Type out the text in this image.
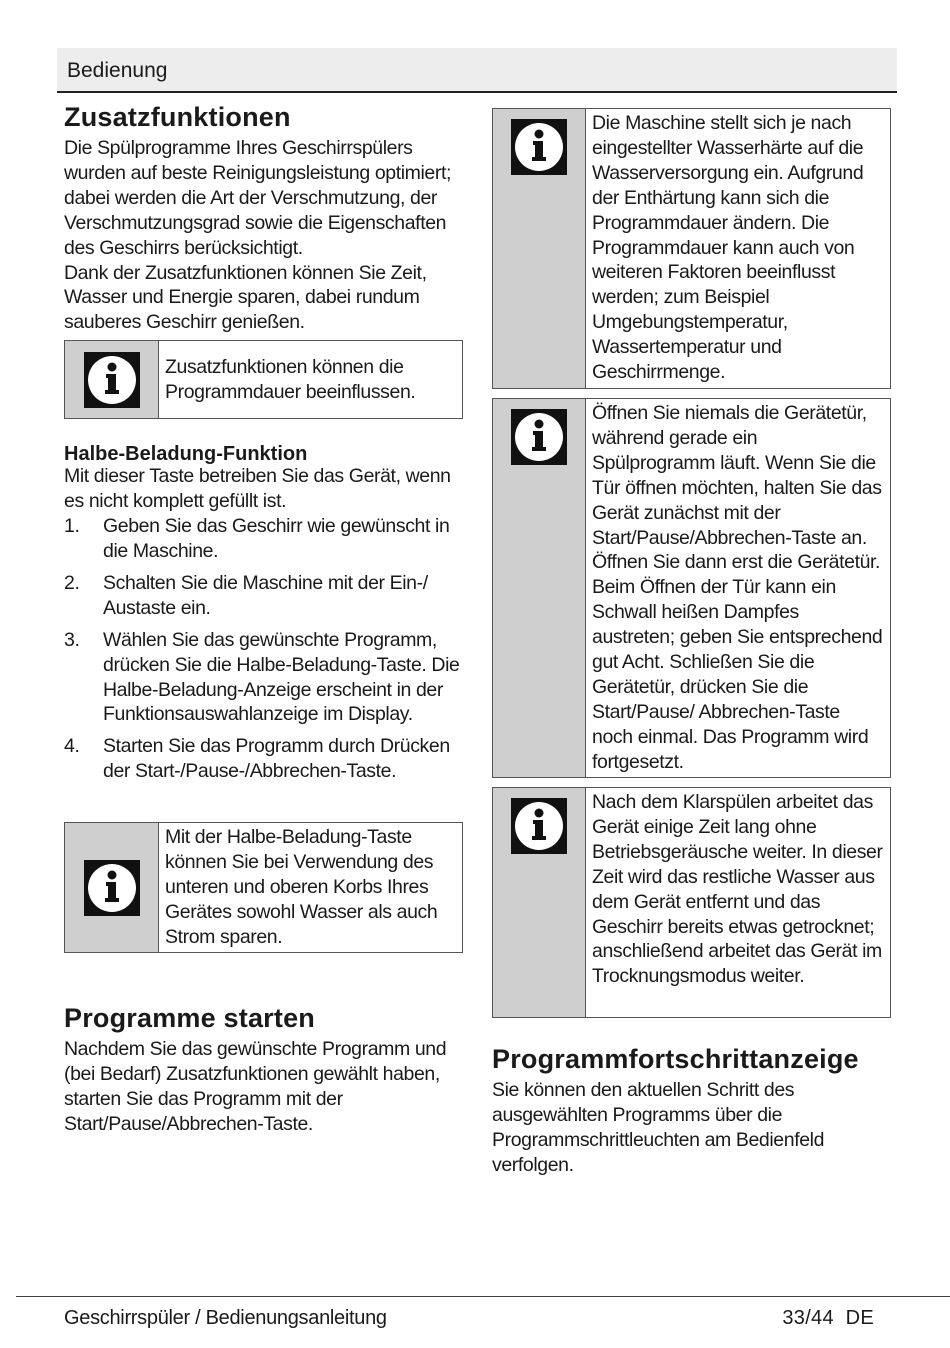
Bedienung
Zusatzfunktionen

Die Spülprogramme Ihres Geschirrspülers wurden auf beste Reinigungsleistung optimiert; dabei werden die Art der Verschmutzung, der Verschmutzungsgrad sowie die Eigenschaften des Geschirrs berücksichtigt.

Dank der Zusatzfunktionen können Sie Zeit, Wasser und Energie sparen, dabei rundum sauberes Geschirr genießen.

Zusatzfunktionen können die Programmdauer beeinflussen.
Halbe-Beladung-Funktion

Mit dieser Taste betreiben Sie das Gerät, wenn es nicht komplett gefüllt ist.

1.	Geben Sie das Geschirr wie gewünscht in die Maschine.
2.	Schalten Sie die Maschine mit der Ein-/ Austaste ein.
3.	Wählen Sie das gewünschte Programm, drücken Sie die Halbe-Beladung-Taste. Die Halbe-Beladung-Anzeige erscheint in der Funktionsauswahlanzeige im Display.
4.	Starten Sie das Programm durch Drücken der Start-/Pause-/Abbrechen-Taste.
Mit der Halbe-Beladung-Taste können Sie bei Verwendung des unteren und oberen Korbs Ihres Gerätes sowohl Wasser als auch Strom sparen.
Programme starten

Nachdem Sie das gewünschte Programm und (bei Bedarf) Zusatzfunktionen gewählt haben, starten Sie das Programm mit der Start/Pause/Abbrechen-Taste.

Die Maschine stellt sich je nach eingestellter Wasserhärte auf die Wasserversorgung ein. Aufgrund der Enthärtung kann sich die Programmdauer ändern. Die Programmdauer kann auch von weiteren Faktoren beeinflusst werden; zum Beispiel Umgebungstemperatur, Wassertemperatur und Geschirrmenge.
Öffnen Sie niemals die Gerätetür, während gerade ein Spülprogramm läuft. Wenn Sie die Tür öffnen möchten, halten Sie das Gerät zunächst mit der Start/Pause/Abbrechen-Taste an. Öffnen Sie dann erst die Gerätetür. Beim Öffnen der Tür kann ein Schwall heißen Dampfes austreten; geben Sie entsprechend gut Acht. Schließen Sie die Gerätetür, drücken Sie die Start/Pause/ Abbrechen-Taste noch einmal. Das Programm wird fortgesetzt.
Nach dem Klarspülen arbeitet das Gerät einige Zeit lang ohne Betriebsgeräusche weiter. In dieser Zeit wird das restliche Wasser aus dem Gerät entfernt und das Geschirr bereits etwas getrocknet; anschließend arbeitet das Gerät im Trocknungsmodus weiter.
Programmfortschrittanzeige

Sie können den aktuellen Schritt des ausgewählten Programms über die Programmschrittleuchten am Bedienfeld verfolgen.

Geschirrspüler / Bedienungsanleitung	33/44  DE
